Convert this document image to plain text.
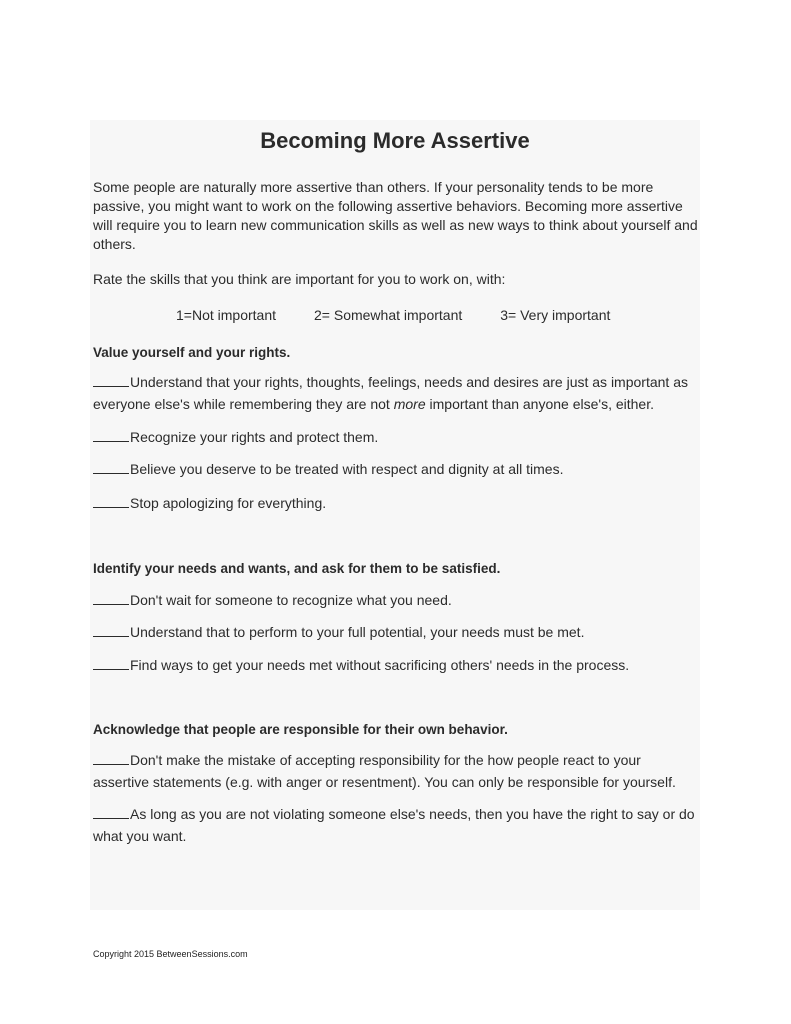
Becoming More Assertive

Some people are naturally more assertive than others. If your personality tends to be more passive, you might want to work on the following assertive behaviors. Becoming more assertive will require you to learn new communication skills as well as new ways to think about yourself and others.

Rate the skills that you think are important for you to work on, with:

1=Not important	2= Somewhat important	3= Very important

Value yourself and your rights.

Understand that your rights, thoughts, feelings, needs and desires are just as important as everyone else's while remembering they are not more important than anyone else's, either.

Recognize your rights and protect them.

Believe you deserve to be treated with respect and dignity at all times.

Stop apologizing for everything.

Identify your needs and wants, and ask for them to be satisfied.

Don't wait for someone to recognize what you need.

Understand that to perform to your full potential, your needs must be met.

Find ways to get your needs met without sacrificing others' needs in the process.

Acknowledge that people are responsible for their own behavior.

Don't make the mistake of accepting responsibility for the how people react to your assertive statements (e.g. with anger or resentment). You can only be responsible for yourself.

As long as you are not violating someone else's needs, then you have the right to say or do what you want.

Copyright 2015 BetweenSessions.com
